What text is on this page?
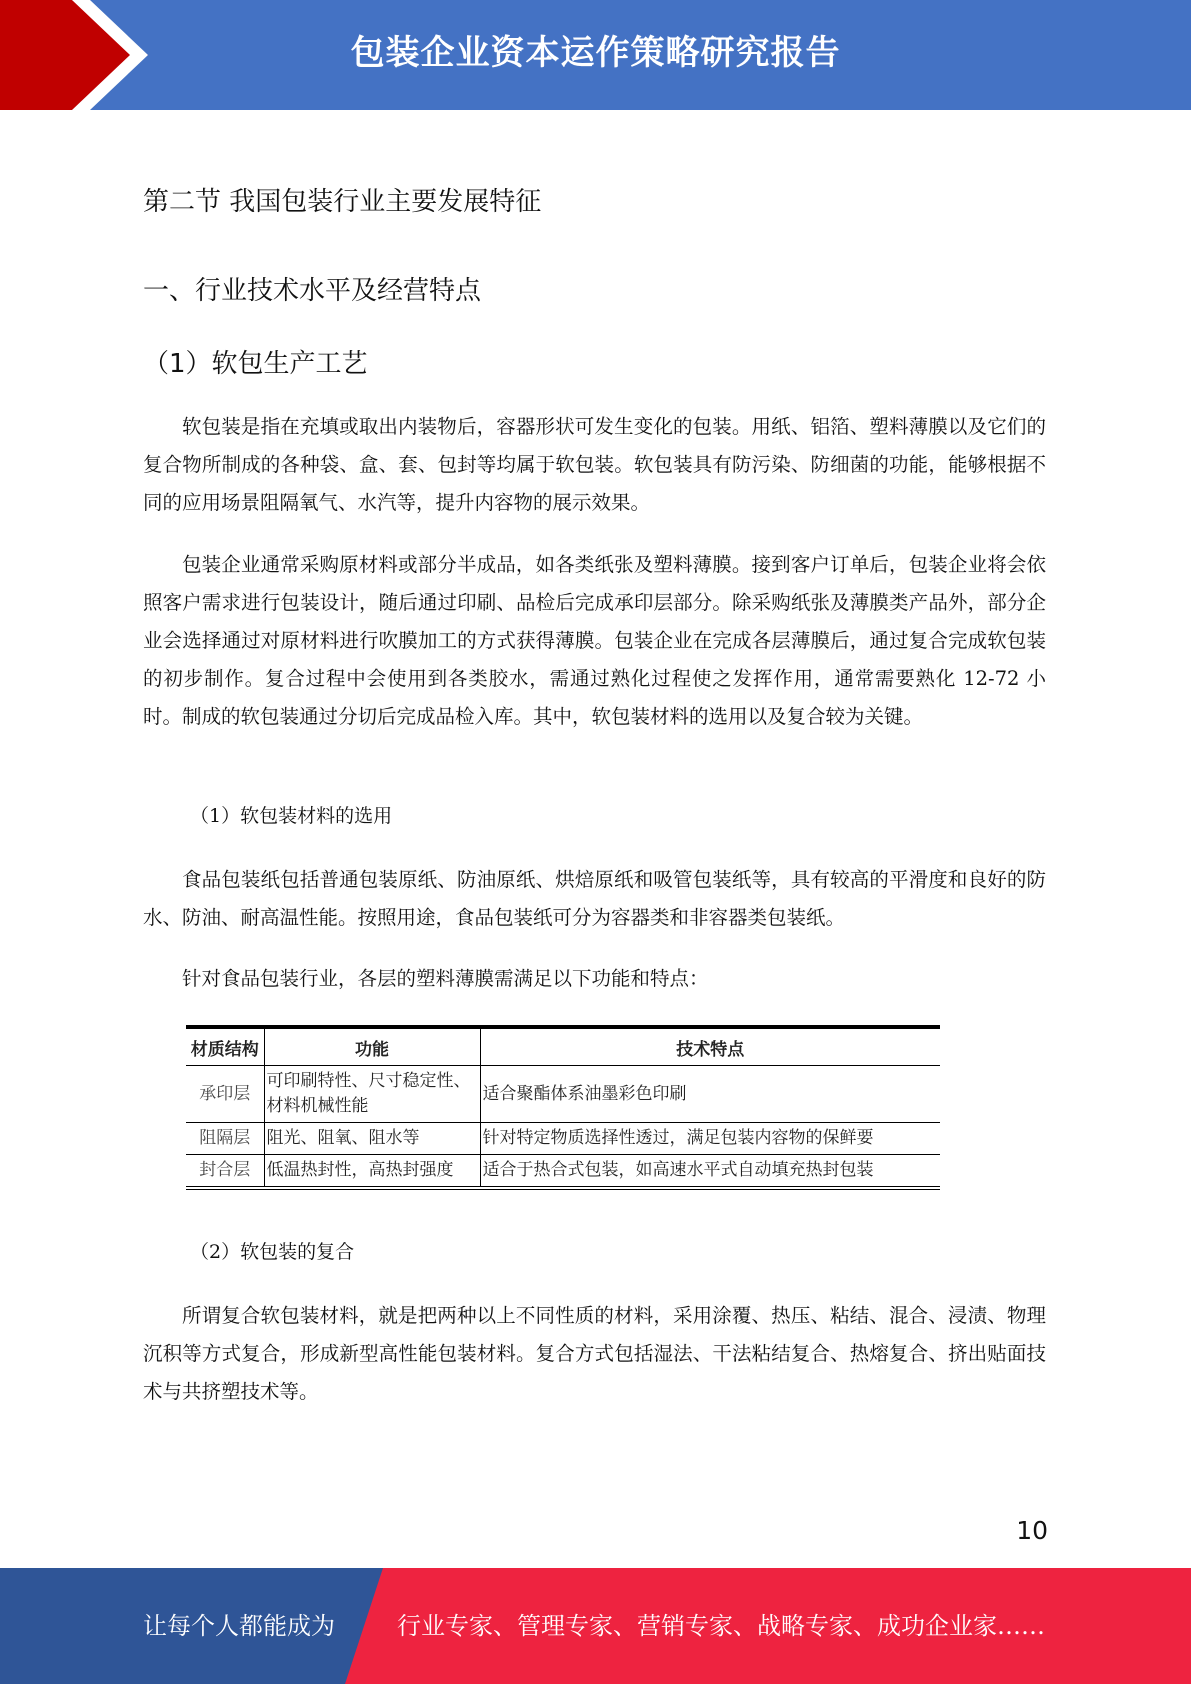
包装企业资本运作策略研究报告
第二节 我国包装行业主要发展特征
一、行业技术水平及经营特点
（1）软包生产工艺

软包装是指在充填或取出内装物后，容器形状可发生变化的包装。用纸、铝箔、塑料薄膜以及它们的复合物所制成的各种袋、盒、套、包封等均属于软包装。软包装具有防污染、防细菌的功能，能够根据不同的应用场景阻隔氧气、水汽等，提升内容物的展示效果。

包装企业通常采购原材料或部分半成品，如各类纸张及塑料薄膜。接到客户订单后，包装企业将会依照客户需求进行包装设计，随后通过印刷、品检后完成承印层部分。除采购纸张及薄膜类产品外，部分企业会选择通过对原材料进行吹膜加工的方式获得薄膜。包装企业在完成各层薄膜后，通过复合完成软包装的初步制作。复合过程中会使用到各类胶水，需通过熟化过程使之发挥作用，通常需要熟化 12-72 小时。制成的软包装通过分切后完成品检入库。其中，软包装材料的选用以及复合较为关键。

（1）软包装材料的选用

食品包装纸包括普通包装原纸、防油原纸、烘焙原纸和吸管包装纸等，具有较高的平滑度和良好的防水、防油、耐高温性能。按照用途，食品包装纸可分为容器类和非容器类包装纸。

针对食品包装行业，各层的塑料薄膜需满足以下功能和特点：

（2）软包装的复合

所谓复合软包装材料，就是把两种以上不同性质的材料，采用涂覆、热压、粘结、混合、浸渍、物理沉积等方式复合，形成新型高性能包装材料。复合方式包括湿法、干法粘结复合、热熔复合、挤出贴面技术与共挤塑技术等。

材质结构	功能	技术特点
承印层	可印刷特性、尺寸稳定性、材料机械性能	适合聚酯体系油墨彩色印刷
阻隔层	阻光、阻氧、阻水等	针对特定物质选择性透过，满足包装内容物的保鲜要
封合层	低温热封性，高热封强度	适合于热合式包装，如高速水平式自动填充热封包装
10
让每个人都能成为	行业专家、管理专家、营销专家、战略专家、成功企业家……
